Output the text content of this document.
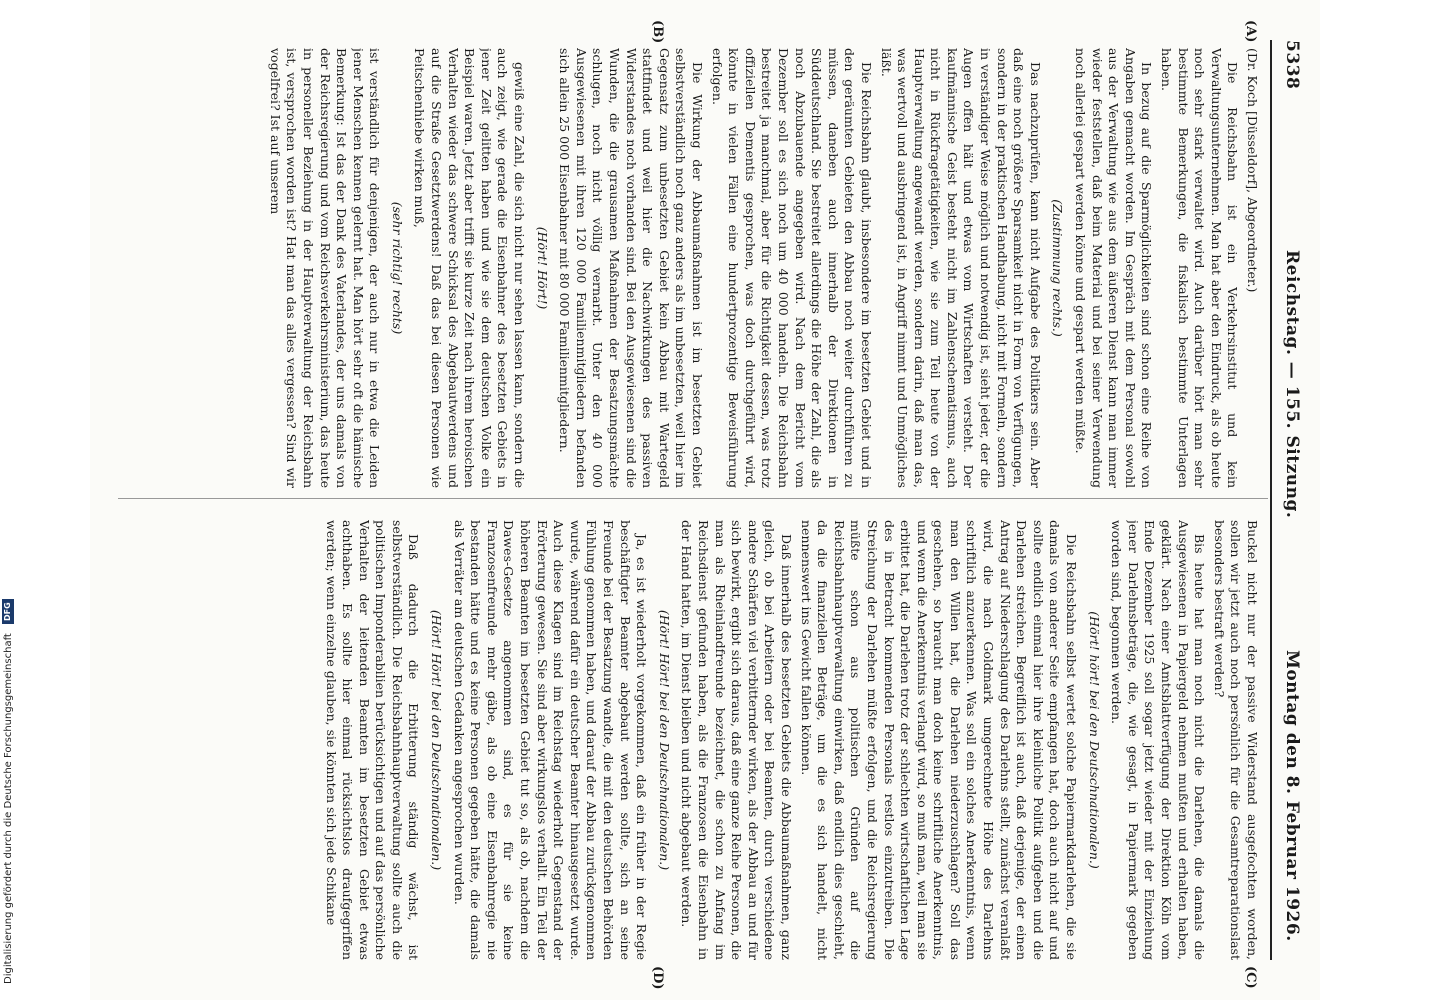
5338
Reichstag. — 155. Sitzung.
Montag den 8. Februar 1926.
(A)
(B)
(C)
(D)

(Dr. Koch [Düsseldorf], Abgeordneter.)

Die Reichsbahn ist ein Verkehrsinstitut und kein Verwaltungsunternehmen. Man hat aber den Eindruck, als ob heute noch sehr stark verwaltet wird. Auch darüber hört man sehr bestimmte Bemerkungen, die fiskalisch bestimmte Unterlagen haben.

In bezug auf die Sparmöglichkeiten sind schon eine Reihe von Angaben gemacht worden. Im Gespräch mit dem Personal sowohl aus der Verwaltung wie aus dem äußeren Dienst kann man immer wieder feststellen, daß beim Material und bei seiner Verwendung noch allerlei gespart werden könne und gespart werden müßte.

(Zustimmung rechts.)

Das nachzuprüfen, kann nicht Aufgabe des Politikers sein. Aber daß eine noch größere Sparsamkeit nicht in Form von Verfügungen, sondern in der praktischen Handhabung, nicht mit Formeln, sondern in verständiger Weise möglich und notwendig ist, sieht jeder, der die Augen offen hält und etwas vom Wirtschaften versteht. Der kaufmännische Geist besteht nicht im Zahlenschematismus, auch nicht in Rückfragetätigkeiten, wie sie zum Teil heute von der Hauptverwaltung angewandt werden, sondern darin, daß man das, was wertvoll und ausbringend ist, in Angriff nimmt und Unmögliches läßt.

Die Reichsbahn glaubt, insbesondere im besetzten Gebiet und in den geräumten Gebieten den Abbau noch weiter durchführen zu müssen, daneben auch innerhalb der Direktionen in Süddeutschland. Sie bestreitet allerdings die Höhe der Zahl, die als noch Abzubauende angegeben wird. Nach dem Bericht vom Dezember soll es sich noch um 40 000 handeln. Die Reichsbahn bestreitet ja manchmal, aber für die Richtigkeit dessen, was trotz offiziellen Dementis gesprochen, was doch durchgeführt wird, könnte in vielen Fällen eine hundertprozentige Beweisführung erfolgen.

Die Wirkung der Abbaumaßnahmen ist im besetzten Gebiet selbstverständlich noch ganz anders als im unbesetzten, weil hier im Gegensatz zum unbesetzten Gebiet kein Abbau mit Wartegeld stattfindet und weil hier die Nachwirkungen des passiven Widerstandes noch vorhanden sind. Bei den Ausgewiesenen sind die Wunden, die die grausamen Maßnahmen der Besatzungsmächte schlugen, noch nicht völlig vernarbt. Unter den 40 000 Ausgewiesenen mit ihren 120 000 Familienmitgliedern befanden sich allein 25 000 Eisenbahner mit 80 000 Familienmitgliedern.

(Hört! Hört!)

gewiß eine Zahl, die sich nicht nur sehen lassen kann, sondern die auch zeigt, wie gerade die Eisenbahner des besetzten Gebiets in jener Zeit gelitten haben und wie sie dem deutschen Volke ein Beispiel waren. Jetzt aber trifft sie kurze Zeit nach ihrem heroischen Verhalten wieder das schwere Schicksal des Abgebautwerdens und auf die Straße Gesetztwerdens! Daß das bei diesen Personen wie Peitschenhiebe wirken muß,

(sehr richtig! rechts)

ist verständlich für denjenigen, der auch nur in etwa die Leiden jener Menschen kennen gelernt hat. Man hört sehr oft die hämische Bemerkung: Ist das der Dank des Vaterlandes, der uns damals von der Reichsregierung und vom Reichsverkehrsministerium, das heute in personeller Beziehung in der Hauptverwaltung der Reichsbahn ist, versprochen worden ist? Hat man das alles vergessen? Sind wir vogelfrei? Ist auf unserem

Buckel nicht nur der passive Widerstand ausgefochten worden, sollen wir jetzt auch noch persönlich für die Gesamtreparationslast besonders bestraft werden?

Bis heute hat man noch nicht die Darlehen, die damals die Ausgewiesenen in Papiergeld nehmen mußten und erhalten haben, geklärt. Nach einer Amtsblattverfügung der Direktion Köln vom Ende Dezember 1925 soll sogar jetzt wieder mit der Einziehung jener Darlehnsbeträge, die, wie gesagt, in Papiermark gegeben worden sind, begonnen werden.

(Hört! hört! bei den Deutschnationalen.)

Die Reichsbahn selbst wertet solche Papiermarkdarlehen, die sie damals von anderer Seite empfangen hat, doch auch nicht auf und sollte endlich einmal hier ihre kleinliche Politik aufgeben und die Darlehen streichen. Begreiflich ist auch, daß derjenige, der einen Antrag auf Niederschlagung des Darlehns stellt, zunächst veranlaßt wird, die nach Goldmark umgerechnete Höhe des Darlehns schriftlich anzuerkennen. Was soll ein solches Anerkenntnis, wenn man den Willen hat, die Darlehen niederzuschlagen? Soll das geschehen, so braucht man doch keine schriftliche Anerkenntnis, und wenn die Anerkenntnis verlangt wird, so muß man, weil man sie erbittet hat, die Darlehen trotz der schlechten wirtschaftlichen Lage des in Betracht kommenden Personals restlos einzutreiben. Die Streichung der Darlehen müßte erfolgen, und die Reichsregierung müßte schon aus politischen Gründen auf die Reichsbahnhauptverwaltung einwirken, daß endlich dies geschieht, da die finanziellen Beträge, um die es sich handelt, nicht nennenswert ins Gewicht fallen können.

Daß innerhalb des besetzten Gebiets die Abbaumaßnahmen, ganz gleich, ob bei Arbeitern oder bei Beamten, durch verschiedene andere Schärfen viel verbitternder wirken, als der Abbau an und für sich bewirkt, ergibt sich daraus, daß eine ganze Reihe Personen, die man als Rheinlandfreunde bezeichnet, die schon zu Anfang im Reichsdienst gefunden haben, als die Franzosen die Eisenbahn in der Hand hatten, im Dienst bleiben und nicht abgebaut werden.

(Hört! Hört! bei den Deutschnationalen.)

Ja, es ist wiederholt vorgekommen, daß ein früher in der Regie beschäftigter Beamter abgebaut werden sollte, sich an seine Freunde bei der Besatzung wandte, die mit den deutschen Behörden Fühlung genommen haben, und darauf der Abbau zurückgenommen wurde, während dafür ein deutscher Beamter hinausgesetzt wurde. Auch diese Klagen sind im Reichstag wiederholt Gegenstand der Erörterung gewesen. Sie sind aber wirkungslos verhallt. Ein Teil der höheren Beamten im besetzten Gebiet tut so, als ob, nachdem die Dawes-Gesetze angenommen sind, es für sie keine Franzosenfreunde mehr gäbe, als ob eine Eisenbahnregie nie bestanden hätte und es keine Personen gegeben hätte, die damals als Verräter am deutschen Gedanken angesprochen wurden.

(Hört! Hört! bei den Deutschnationalen.)

Daß dadurch die Erbitterung ständig wächst, ist selbstverständlich. Die Reichsbahnhauptverwaltung sollte auch die politischen Imponderabilien berücksichtigen und auf das persönliche Verhalten der leitenden Beamten im besetzten Gebiet etwas achthaben. Es sollte hier einmal rücksichtslos draufgegriffen werden; wenn einzelne glauben, sie könnten sich jede Schikane

Digitalisierung gefördert durch die Deutsche Forschungsgemeinschaft DFG
